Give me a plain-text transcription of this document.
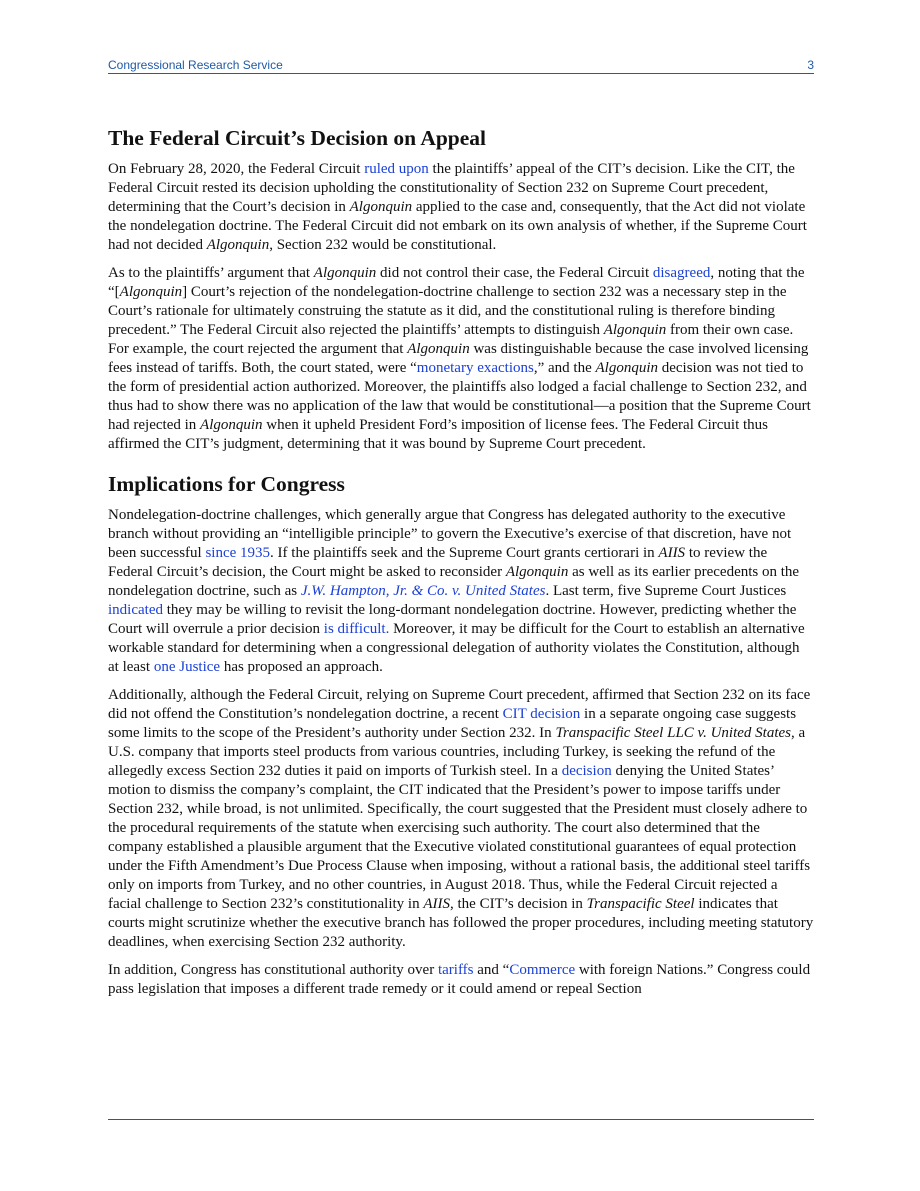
Congressional Research Service	3
The Federal Circuit’s Decision on Appeal

On February 28, 2020, the Federal Circuit ruled upon the plaintiffs’ appeal of the CIT’s decision. Like the CIT, the Federal Circuit rested its decision upholding the constitutionality of Section 232 on Supreme Court precedent, determining that the Court’s decision in Algonquin applied to the case and, consequently, that the Act did not violate the nondelegation doctrine. The Federal Circuit did not embark on its own analysis of whether, if the Supreme Court had not decided Algonquin, Section 232 would be constitutional.

As to the plaintiffs’ argument that Algonquin did not control their case, the Federal Circuit disagreed, noting that the “[Algonquin] Court’s rejection of the nondelegation-doctrine challenge to section 232 was a necessary step in the Court’s rationale for ultimately construing the statute as it did, and the constitutional ruling is therefore binding precedent.” The Federal Circuit also rejected the plaintiffs’ attempts to distinguish Algonquin from their own case. For example, the court rejected the argument that Algonquin was distinguishable because the case involved licensing fees instead of tariffs. Both, the court stated, were “monetary exactions,” and the Algonquin decision was not tied to the form of presidential action authorized. Moreover, the plaintiffs also lodged a facial challenge to Section 232, and thus had to show there was no application of the law that would be constitutional—a position that the Supreme Court had rejected in Algonquin when it upheld President Ford’s imposition of license fees. The Federal Circuit thus affirmed the CIT’s judgment, determining that it was bound by Supreme Court precedent.

Implications for Congress

Nondelegation-doctrine challenges, which generally argue that Congress has delegated authority to the executive branch without providing an “intelligible principle” to govern the Executive’s exercise of that discretion, have not been successful since 1935. If the plaintiffs seek and the Supreme Court grants certiorari in AIIS to review the Federal Circuit’s decision, the Court might be asked to reconsider Algonquin as well as its earlier precedents on the nondelegation doctrine, such as J.W. Hampton, Jr. & Co. v. United States. Last term, five Supreme Court Justices indicated they may be willing to revisit the long-dormant nondelegation doctrine. However, predicting whether the Court will overrule a prior decision is difficult. Moreover, it may be difficult for the Court to establish an alternative workable standard for determining when a congressional delegation of authority violates the Constitution, although at least one Justice has proposed an approach.

Additionally, although the Federal Circuit, relying on Supreme Court precedent, affirmed that Section 232 on its face did not offend the Constitution’s nondelegation doctrine, a recent CIT decision in a separate ongoing case suggests some limits to the scope of the President’s authority under Section 232. In Transpacific Steel LLC v. United States, a U.S. company that imports steel products from various countries, including Turkey, is seeking the refund of the allegedly excess Section 232 duties it paid on imports of Turkish steel. In a decision denying the United States’ motion to dismiss the company’s complaint, the CIT indicated that the President’s power to impose tariffs under Section 232, while broad, is not unlimited. Specifically, the court suggested that the President must closely adhere to the procedural requirements of the statute when exercising such authority. The court also determined that the company established a plausible argument that the Executive violated constitutional guarantees of equal protection under the Fifth Amendment’s Due Process Clause when imposing, without a rational basis, the additional steel tariffs only on imports from Turkey, and no other countries, in August 2018. Thus, while the Federal Circuit rejected a facial challenge to Section 232’s constitutionality in AIIS, the CIT’s decision in Transpacific Steel indicates that courts might scrutinize whether the executive branch has followed the proper procedures, including meeting statutory deadlines, when exercising Section 232 authority.

In addition, Congress has constitutional authority over tariffs and “Commerce with foreign Nations.” Congress could pass legislation that imposes a different trade remedy or it could amend or repeal Section
